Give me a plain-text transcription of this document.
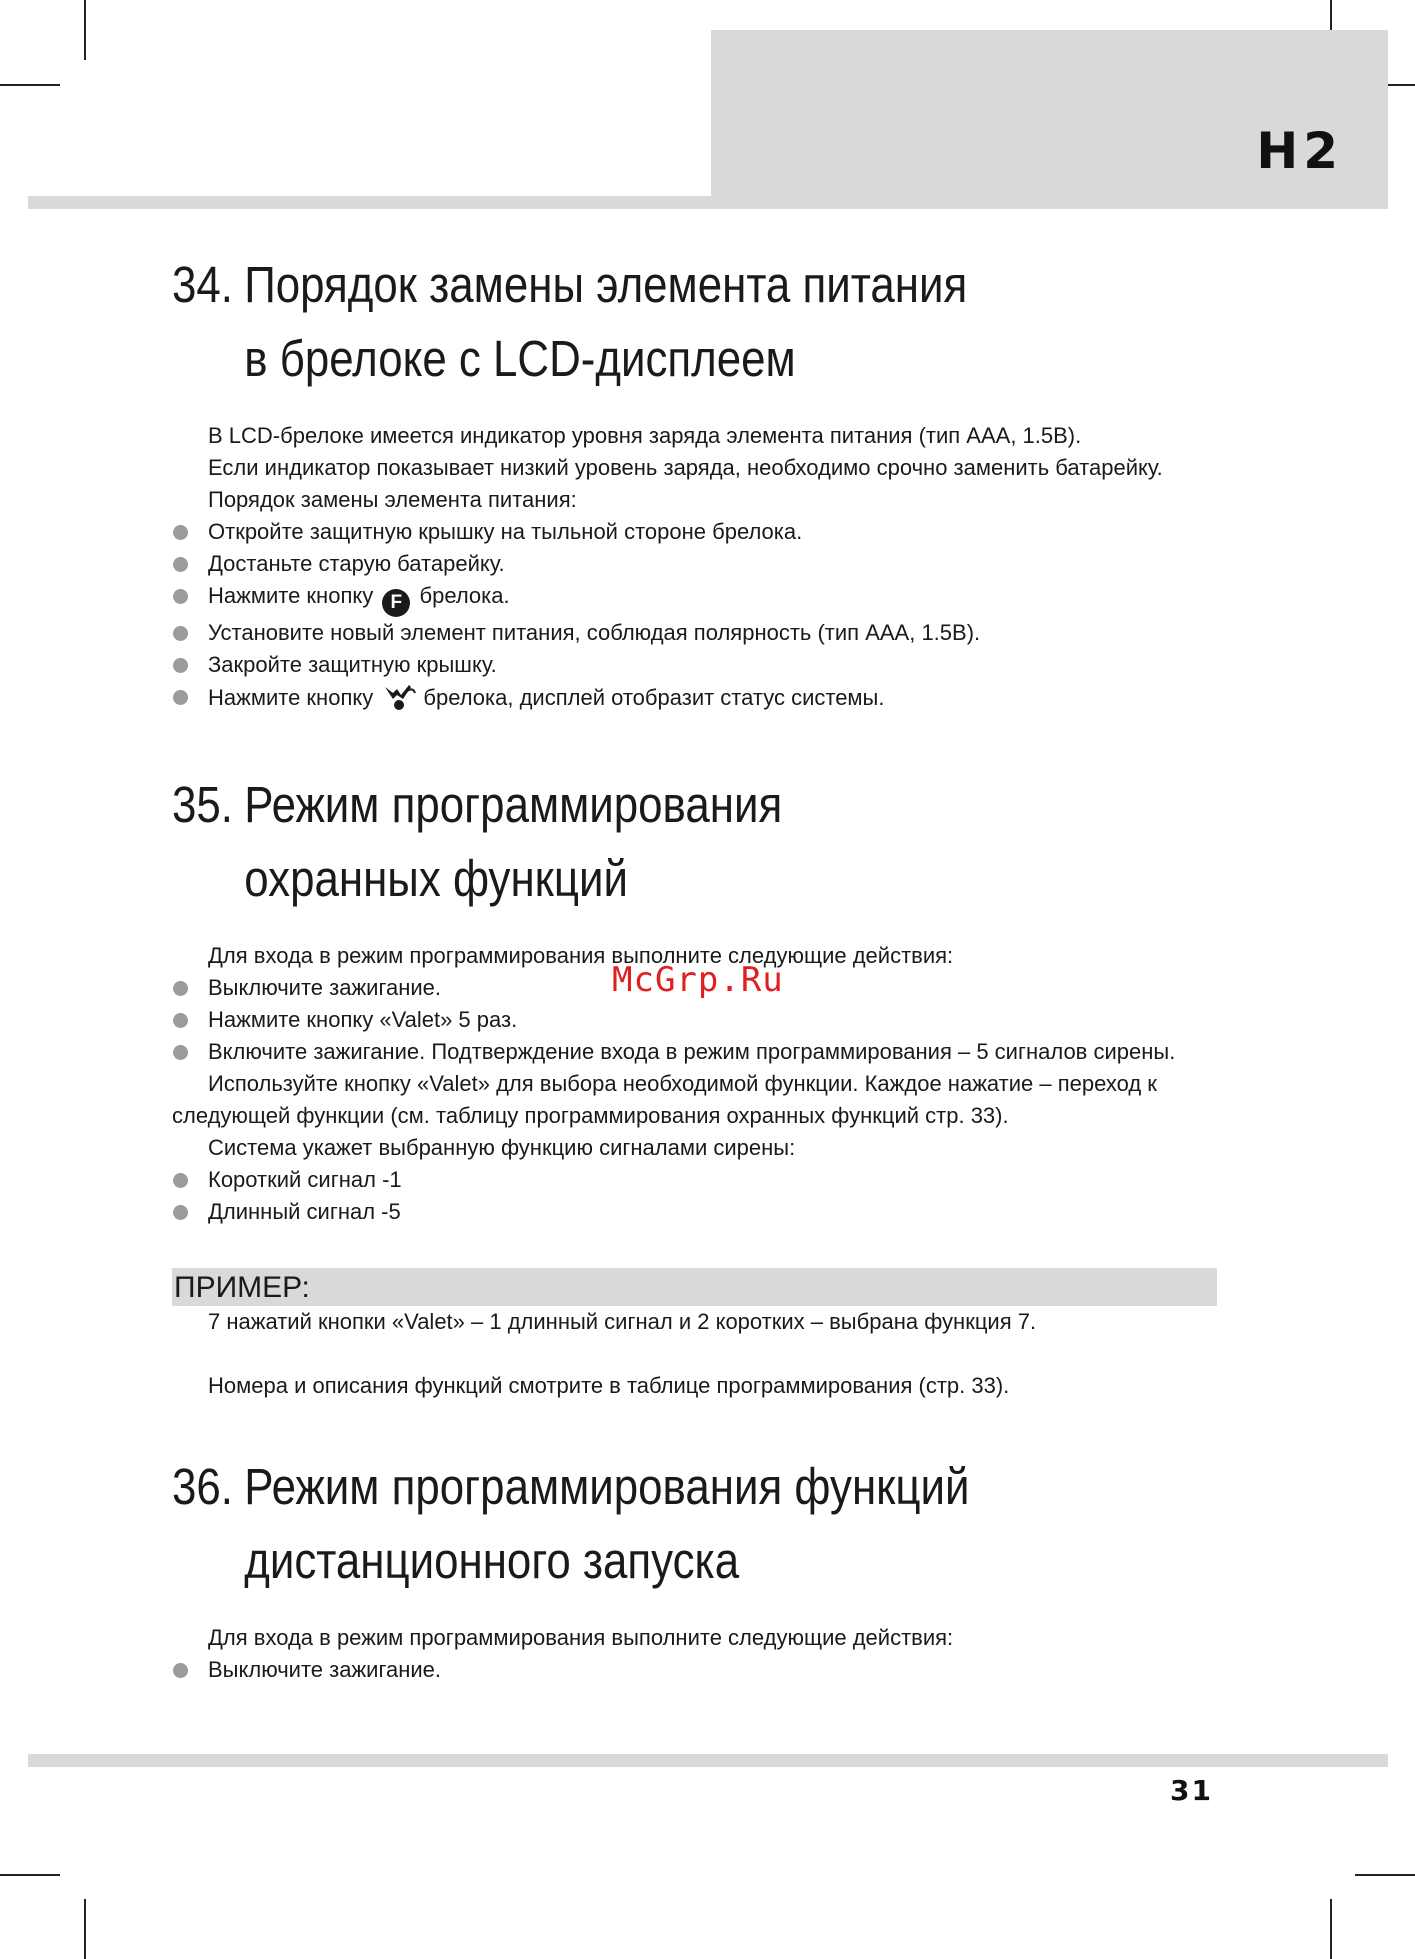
H2
34. Порядок замены элемента питания
в брелоке с LCD-дисплеем

В LCD-брелоке имеется индикатор уровня заряда элемента питания (тип AAA, 1.5В).

Если индикатор показывает низкий уровень заряда, необходимо срочно заменить батарейку.

Порядок замены элемента питания:

Откройте защитную крышку на тыльной стороне брелока.
Достаньте старую батарейку.
Нажмите кнопку F брелока.
Установите новый элемент питания, соблюдая полярность (тип AAA, 1.5В).
Закройте защитную крышку.
Нажмите кнопку брелока, дисплей отобразит статус системы.
35. Режим программирования
охранных функций

Для входа в режим программирования выполните следующие действия:

Выключите зажигание.
Нажмите кнопку «Valet» 5 раз.
Включите зажигание. Подтверждение входа в режим программирования – 5 сигналов сирены.

Используйте кнопку «Valet» для выбора необходимой функции. Каждое нажатие – переход к следующей функции (см. таблицу программирования охранных функций стр. 33).

Система укажет выбранную функцию сигналами сирены:

Короткий сигнал -1
Длинный сигнал -5
ПРИМЕР:

7 нажатий кнопки «Valet» – 1 длинный сигнал и 2 коротких – выбрана функция 7.

Номера и описания функций смотрите в таблице программирования (стр. 33).

36. Режим программирования функций
дистанционного запуска

Для входа в режим программирования выполните следующие действия:

Выключите зажигание.
McGrp.Ru
31
